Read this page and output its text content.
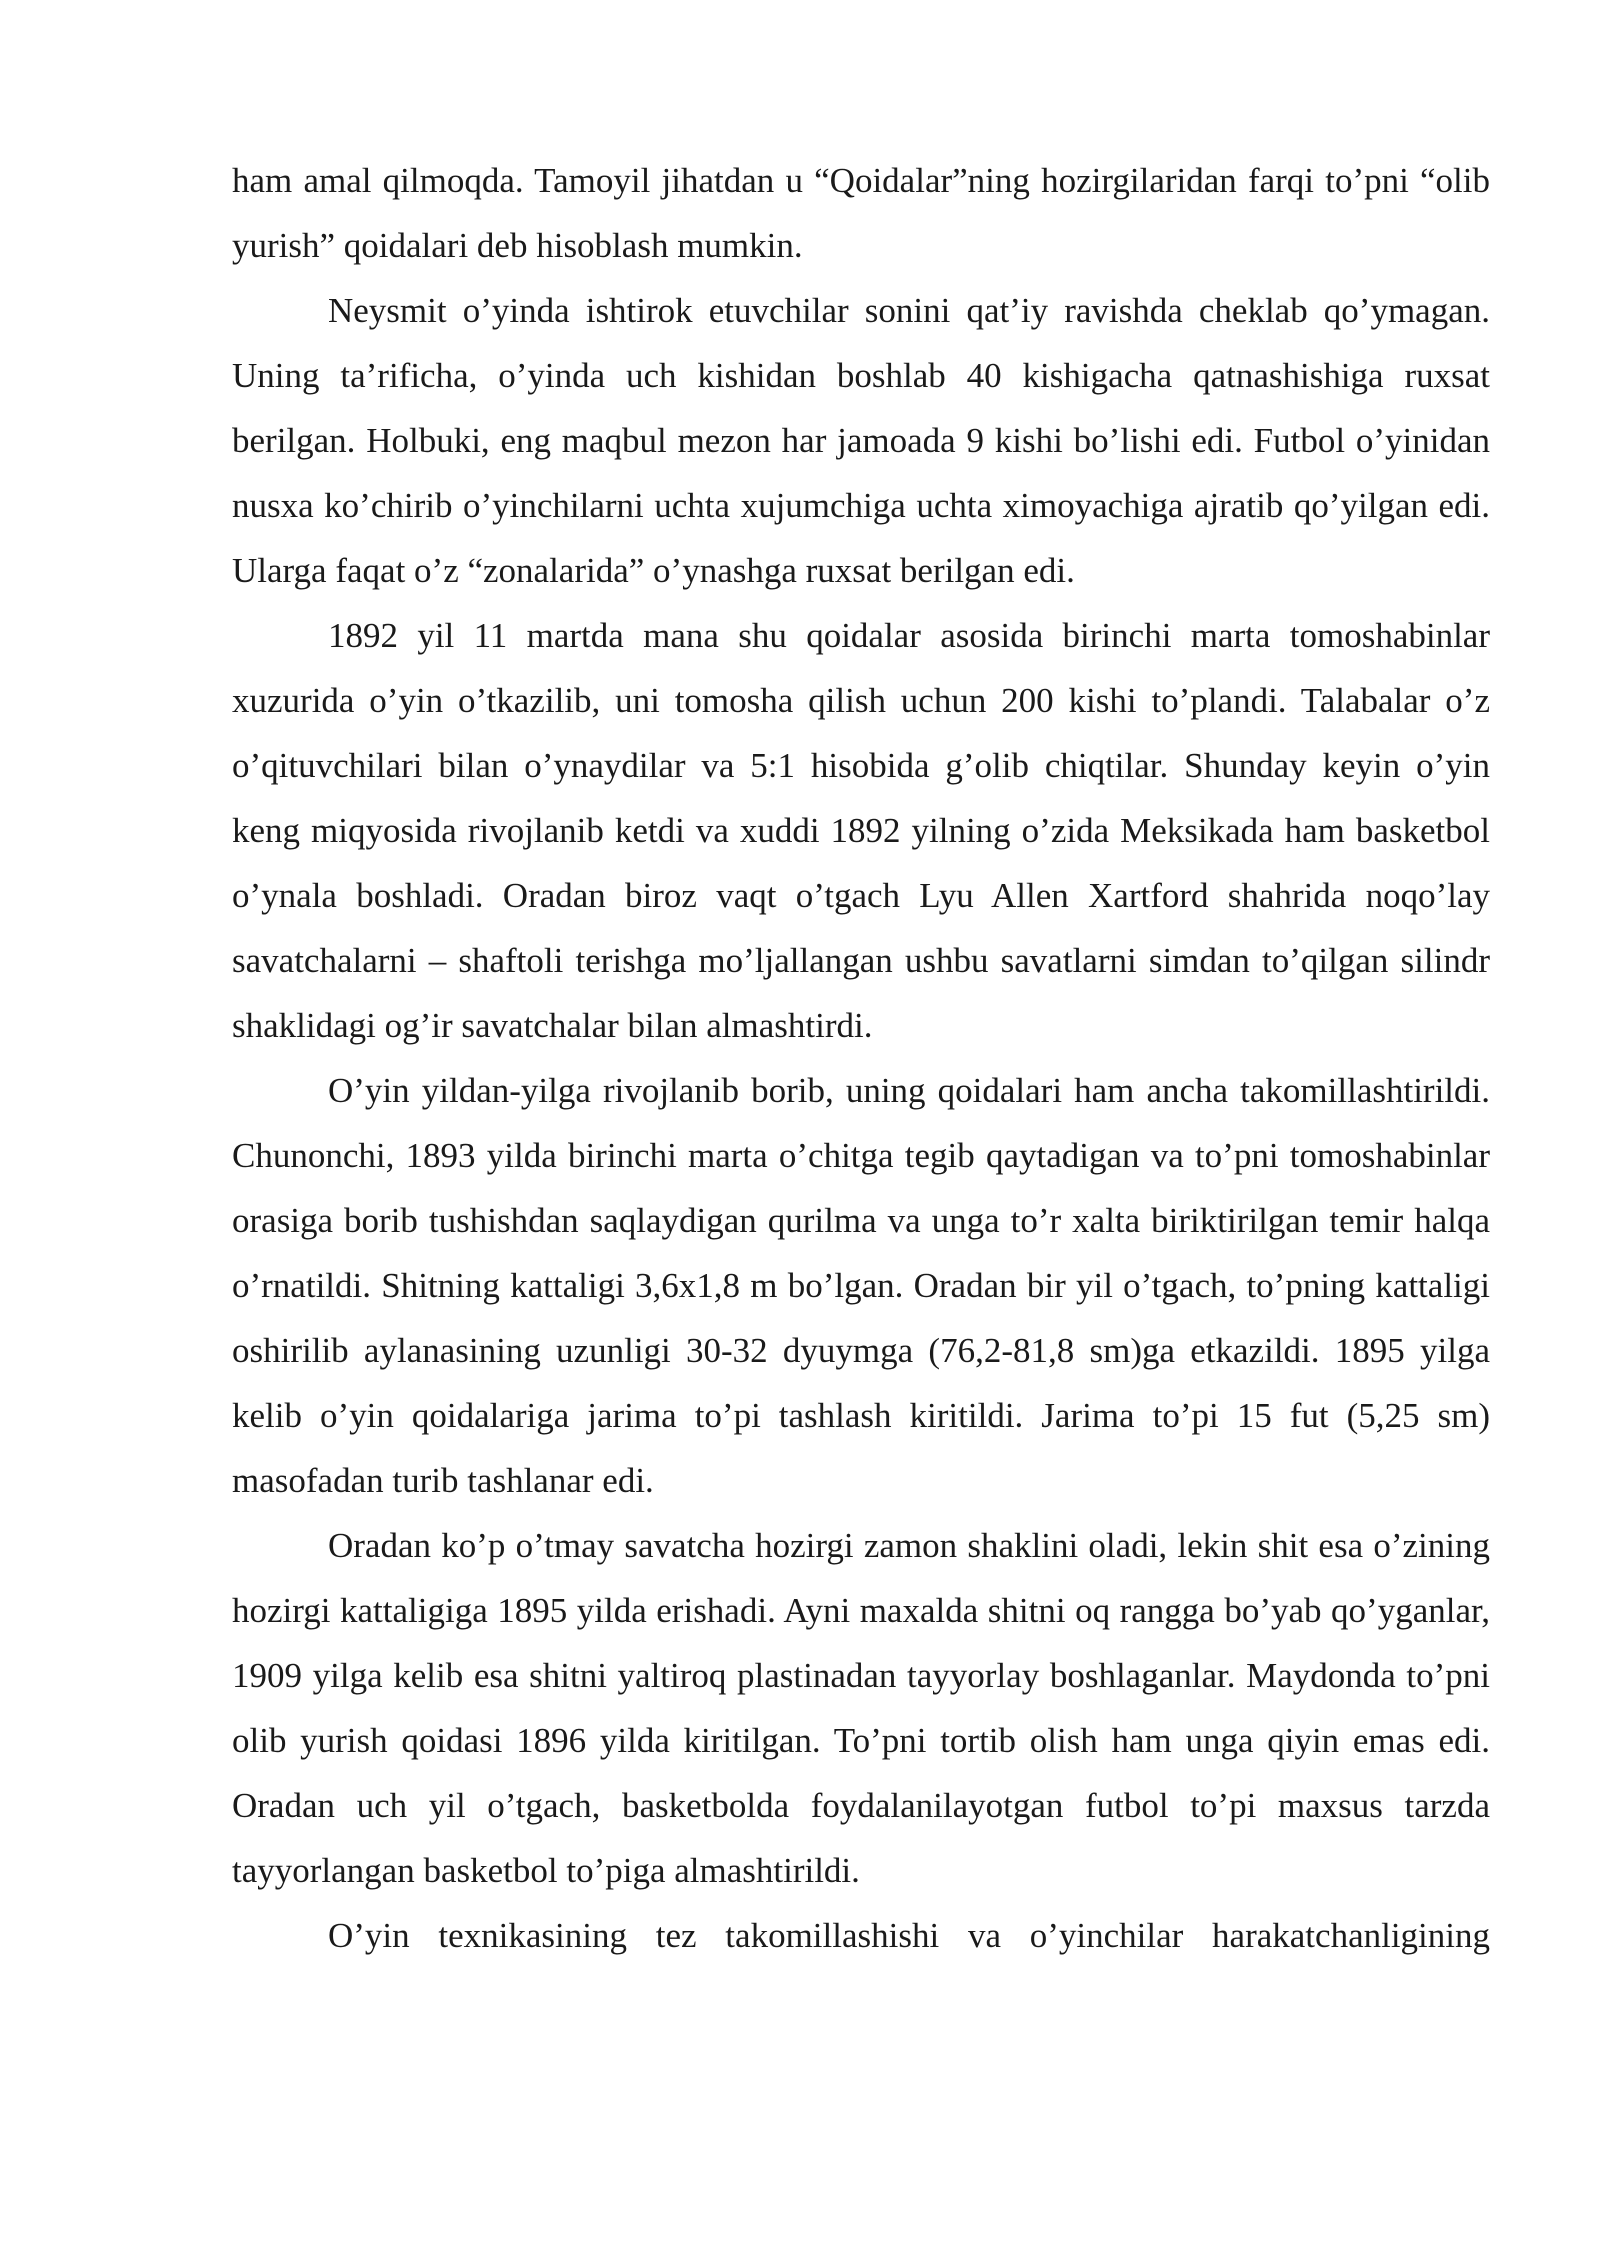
ham amal qilmoqda. Tamoyil jihatdan u “Qoidalar”ning hozirgilaridan farqi to’pni “olib yurish” qoidalari deb hisoblash mumkin.

Neysmit o’yinda ishtirok etuvchilar sonini qat’iy ravishda cheklab qo’ymagan. Uning ta’rificha, o’yinda uch kishidan boshlab 40 kishigacha qatnashishiga ruxsat berilgan. Holbuki, eng maqbul mezon har jamoada 9 kishi bo’lishi edi. Futbol o’yinidan nusxa ko’chirib o’yinchilarni uchta xujumchiga uchta ximoyachiga ajratib qo’yilgan edi. Ularga faqat o’z “zonalarida” o’ynashga ruxsat berilgan edi.

1892 yil 11 martda mana shu qoidalar asosida birinchi marta tomoshabinlar xuzurida o’yin o’tkazilib, uni tomosha qilish uchun 200 kishi to’plandi. Talabalar o’z o’qituvchilari bilan o’ynaydilar va 5:1 hisobida g’olib chiqtilar. Shunday keyin o’yin keng miqyosida rivojlanib ketdi va xuddi 1892 yilning o’zida Meksikada ham basketbol o’ynala boshladi. Oradan biroz vaqt o’tgach Lyu Allen Xartford shahrida noqo’lay savatchalarni – shaftoli terishga mo’ljallangan ushbu savatlarni simdan to’qilgan silindr shaklidagi og’ir savatchalar bilan almashtirdi.

O’yin yildan-yilga rivojlanib borib, uning qoidalari ham ancha takomillashtirildi. Chunonchi, 1893 yilda birinchi marta o’chitga tegib qaytadigan va to’pni tomoshabinlar orasiga borib tushishdan saqlaydigan qurilma va unga to’r xalta biriktirilgan temir halqa o’rnatildi. Shitning kattaligi 3,6x1,8 m bo’lgan. Oradan bir yil o’tgach, to’pning kattaligi oshirilib aylanasining uzunligi 30-32 dyuymga (76,2-81,8 sm)ga etkazildi. 1895 yilga kelib o’yin qoidalariga jarima to’pi tashlash kiritildi. Jarima to’pi 15 fut (5,25 sm) masofadan turib tashlanar edi.

Oradan ko’p o’tmay savatcha hozirgi zamon shaklini oladi, lekin shit esa o’zining hozirgi kattaligiga 1895 yilda erishadi. Ayni maxalda shitni oq rangga bo’yab qo’yganlar, 1909 yilga kelib esa shitni yaltiroq plastinadan tayyorlay boshlaganlar. Maydonda to’pni olib yurish qoidasi 1896 yilda kiritilgan. To’pni tortib olish ham unga qiyin emas edi. Oradan uch yil o’tgach, basketbolda foydalanilayotgan futbol to’pi maxsus tarzda tayyorlangan basketbol to’piga almashtirildi.

O’yin texnikasining tez takomillashishi va o’yinchilar harakatchanligining
